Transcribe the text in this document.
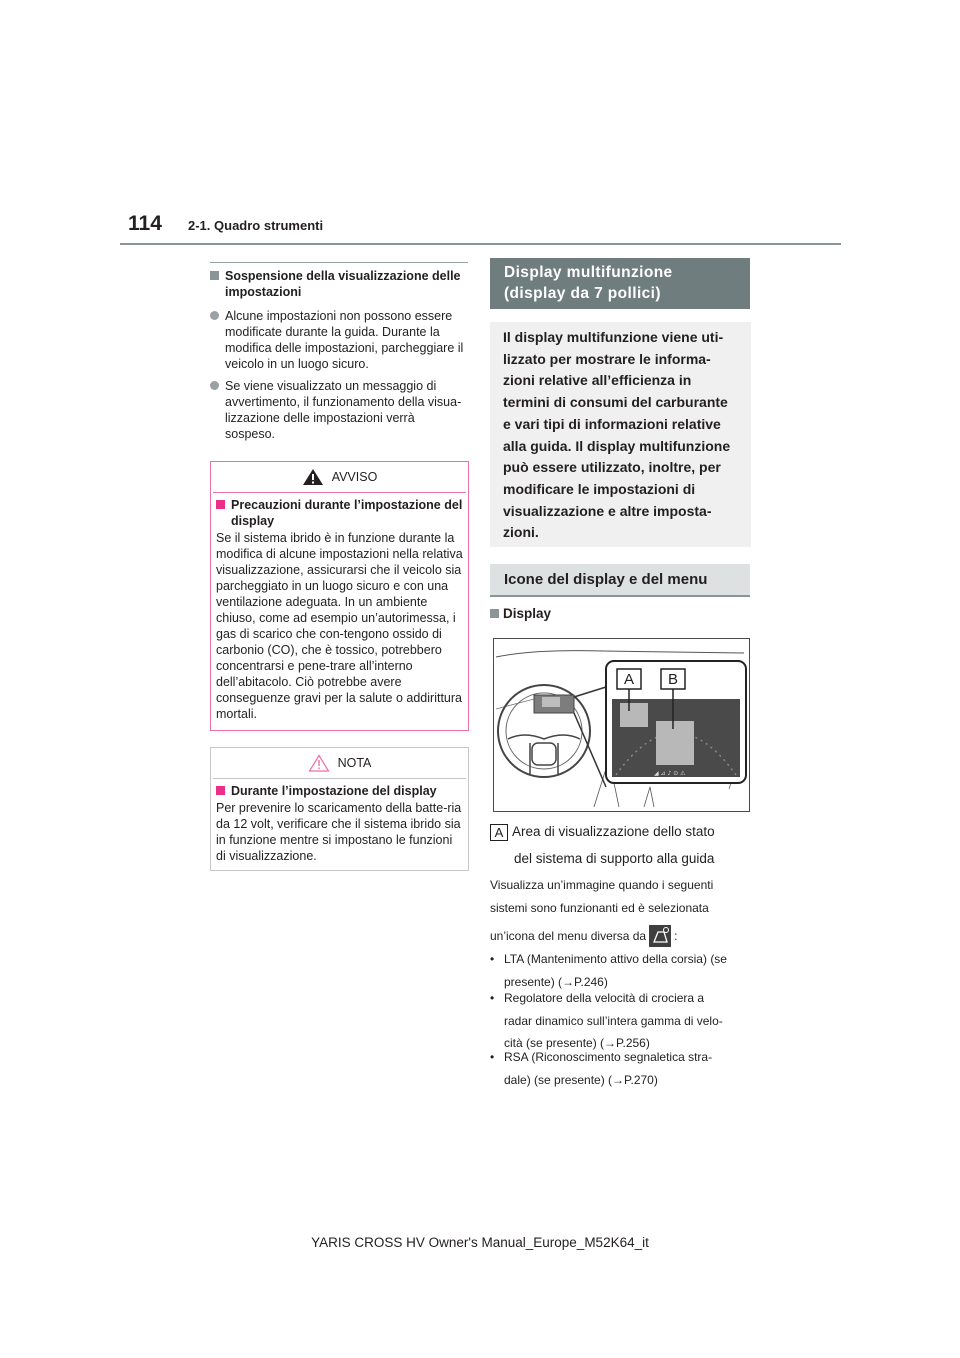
114 2-1. Quadro strumenti
Sospensione della visualizzazione delle impostazioni
Alcune impostazioni non possono essere modificate durante la guida. Durante la modifica delle impostazioni, parcheggiare il veicolo in un luogo sicuro.
Se viene visualizzato un messaggio di avvertimento, il funzionamento della visua-lizzazione delle impostazioni verrà sospeso.
AVVISO
Precauzioni durante l’impostazione del display
Se il sistema ibrido è in funzione durante la modifica di alcune impostazioni nella relativa visualizzazione, assicurarsi che il veicolo sia parcheggiato in un luogo sicuro e con una ventilazione adeguata. In un ambiente chiuso, come ad esempio un’autorimessa, i gas di scarico che con-tengono ossido di carbonio (CO), che è tossico, potrebbero concentrarsi e pene-trare all’interno dell’abitacolo. Ciò potrebbe avere conseguenze gravi per la salute o addirittura mortali.
NOTA
Durante l’impostazione del display
Per prevenire lo scaricamento della batte-ria da 12 volt, verificare che il sistema ibrido sia in funzione mentre si impostano le funzioni di visualizzazione.
Display multifunzione
(display da 7 pollici)
Il display multifunzione viene uti-lizzato per mostrare le informa-zioni relative all’efficienza in termini di consumi del carburante e vari tipi di informazioni relative alla guida. Il display multifunzione può essere utilizzato, inoltre, per modificare le impostazioni di visualizzazione e altre imposta-zioni.
Icone del display e del menu
Display
◢ ⊿ ♪ ⊙ ⚠
A B
A Area di visualizzazione dello stato
del sistema di supporto alla guida
Visualizza un’immagine quando i seguenti
sistemi sono funzionanti ed è selezionata
un’icona del menu diversa da :
• LTA (Mantenimento attivo della corsia) (se
presente) (→P.246)
• Regolatore della velocità di crociera a
radar dinamico sull’intera gamma di velo-
cità (se presente) (→P.256)
• RSA (Riconoscimento segnaletica stra-
dale) (se presente) (→P.270)
YARIS CROSS HV Owner's Manual_Europe_M52K64_it
